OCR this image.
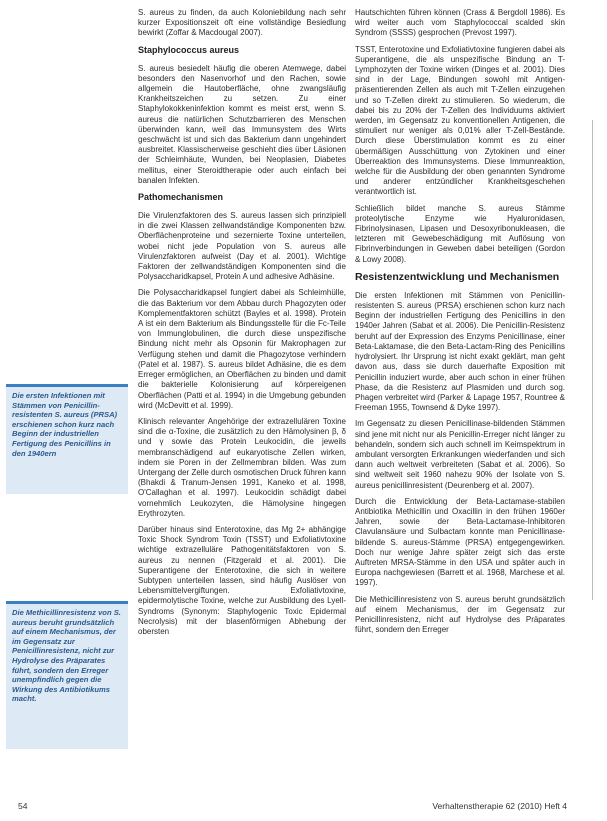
S. aureus zu finden, da auch Koloniebildung nach sehr kurzer Expositionszeit oft eine vollständige Besiedlung bewirkt (Zoffar & Macdougal 2007).

Staphylococcus aureus

S. aureus besiedelt häufig die oberen Atemwege, dabei besonders den Nasenvorhof und den Rachen, sowie allgemein die Hautoberfläche, ohne zwangsläufig Krankheitszeichen zu setzen. Zu einer Staphylokokkeninfektion kommt es meist erst, wenn S. aureus die natürlichen Schutzbarrieren des Menschen überwinden kann, weil das Immunsystem des Wirts geschwächt ist und sich das Bakterium dann ungehindert ausbreitet. Klassischerweise geschieht dies über Läsionen der Schleimhäute, Wunden, bei Neoplasien, Diabetes mellitus, einer Steroidtherapie oder auch einfach bei banalen Infekten.

Pathomechanismen

Die Virulenzfaktoren des S. aureus lassen sich prinzipiell in die zwei Klassen zellwandständige Komponenten bzw. Oberflächenproteine und sezernierte Toxine unterteilen, wobei nicht jede Population von S. aureus alle Virulenzfaktoren aufweist (Day et al. 2001). Wichtige Faktoren der zellwandständigen Komponenten sind die Polysaccharidkapsel, Protein A und adhesive Adhäsine.

Die Polysaccharidkapsel fungiert dabei als Schleimhülle, die das Bakterium vor dem Abbau durch Phagozyten oder Komplementfaktoren schützt (Bayles et al. 1998). Protein A ist ein dem Bakterium als Bindungsstelle für die Fc-Teile von Immunglobulinen, die durch diese unspezifische Bindung nicht mehr als Opsonin für Makrophagen zur Verfügung stehen und damit die Phagozytose verhindern (Patel et al. 1987). S. aureus bildet Adhäsine, die es dem Erreger ermöglichen, an Oberflächen zu binden und damit die bakterielle Kolonisierung auf körpereigenen Oberflächen (Patti et al. 1994) in die Umgebung gebunden wird (McDevitt et al. 1999).

Klinisch relevanter Angehörige der extrazellulären Toxine sind die α-Toxine, die zusätzlich zu den Hämolysinen β, δ und γ sowie das Protein Leukocidin, die jeweils membranschädigend auf eukaryotische Zellen wirken, indem sie Poren in der Zellmembran bilden. Was zum Untergang der Zelle durch osmotischen Druck führen kann (Bhakdi & Tranum-Jensen 1991, Kaneko et al. 1998, O'Callaghan et al. 1997). Leukocidin schädigt dabei vornehmlich Leukozyten, die Hämolysine hingegen Erythrozyten.

Darüber hinaus sind Enterotoxine, das Mg 2+ abhängige Toxic Shock Syndrom Toxin (TSST) und Exfoliativtoxine wichtige extrazelluläre Pathogenitätsfaktoren von S. aureus zu nennen (Fitzgerald et al. 2001). Die Superantigene der Enterotoxine, die sich in weitere Subtypen unterteilen lassen, sind häufig Auslöser von Lebensmittelvergiftungen. Exfoliativtoxine, epidermolytische Toxine, welche zur Ausbildung des Lyell-Syndroms (Synonym: Staphylogenic Toxic Epidermal Necrolysis) mit der blasenförmigen Abhebung der obersten

Hautschichten führen können (Crass & Bergdoll 1986). Es wird weiter auch vom Staphylococcal scalded skin Syndrom (SSSS) gesprochen (Prevost 1997).

TSST, Enterotoxine und Exfoliativtoxine fungieren dabei als Superantigene, die als unspezifische Bindung an T-Lymphozyten der Toxine wirken (Dinges et al. 2001). Dies sind in der Lage, Bindungen sowohl mit Antigen-präsentierenden Zellen als auch mit T-Zellen einzugehen und so T-Zellen direkt zu stimulieren. So wiederum, die dabei bis zu 20% der T-Zellen des Individuums aktiviert werden, im Gegensatz zu konventionellen Antigenen, die stimuliert nur weniger als 0,01% aller T-Zell-Bestände. Durch diese Überstimulation kommt es zu einer übermäßigen Ausschüttung von Zytokinen und einer Überreaktion des Immunsystems. Diese Immunreaktion, welche für die Ausbildung der oben genannten Syndrome und anderer entzündlicher Krankheitsgeschehen verantwortlich ist.

Schließlich bildet manche S. aureus Stämme proteolytische Enzyme wie Hyaluronidasen, Fibrinolysinasen, Lipasen und Desoxyribonukleasen, die letzteren mit Gewebeschädigung mit Auflösung von Fibrinverbindungen in Geweben dabei beteiligen (Gordon & Lowy 2008).

Resistenzentwicklung und Mechanismen

Die ersten Infektionen mit Stämmen von Penicillin-resistenten S. aureus (PRSA) erschienen schon kurz nach Beginn der industriellen Fertigung des Penicillins in den 1940er Jahren (Sabat et al. 2006). Die Penicillin-Resistenz beruht auf der Expression des Enzyms Penicillinase, einer Beta-Laktamase, die den Beta-Lactam-Ring des Penicillins hydrolysiert. Ihr Ursprung ist nicht exakt geklärt, man geht davon aus, dass sie durch dauerhafte Exposition mit Penicillin induziert wurde, aber auch schon in einer frühen Phase, da die Resistenz auf Plasmiden und durch sog. Phagen verbreitet wird (Parker & Lapage 1957, Rountree & Freeman 1955, Townsend & Dyke 1997).

Im Gegensatz zu diesen Penicillinase-bildenden Stämmen sind jene mit nicht nur als Penicillin-Erreger nicht länger zu behandeln, sondern sich auch schnell im Keimspektrum in ambulant versorgten Erkrankungen wiederfanden und sich dann auch weltweit verbreiteten (Sabat et al. 2006). So sind weltweit seit 1960 nahezu 90% der Isolate von S. aureus penicillinresistent (Deurenberg et al. 2007).

Durch die Entwicklung der Beta-Lactamase-stabilen Antibiotika Methicillin und Oxacillin in den frühen 1960er Jahren, sowie der Beta-Lactamase-Inhibitoren Clavulansäure und Sulbactam konnte man Penicillinase-bildende S. aureus-Stämme (PRSA) entgegengewirken. Doch nur wenige Jahre später zeigt sich das erste Auftreten MRSA-Stämme in den USA und später auch in Europa nachgewiesen (Barrett et al. 1968, Marchese et al. 1997).

Die Methicillinresistenz von S. aureus beruht grundsätzlich auf einem Mechanismus, der im Gegensatz zur Penicillinresistenz, nicht auf Hydrolyse des Präparates führt, sondern den Erreger

Die ersten Infektionen mit Stämmen von Penicillin-resistenten S. aureus (PRSA) erschienen schon kurz nach Beginn der industriellen Fertigung des Penicillins in den 1940ern
Die Methicillinresistenz von S. aureus beruht grundsätzlich auf einem Mechanismus, der im Gegensatz zur Penicillinresistenz, nicht zur Hydrolyse des Präparates führt, sondern den Erreger unempfindlich gegen die Wirkung des Antibiotikums macht.
54	Verhaltenstherapie 62 (2010) Heft 4
